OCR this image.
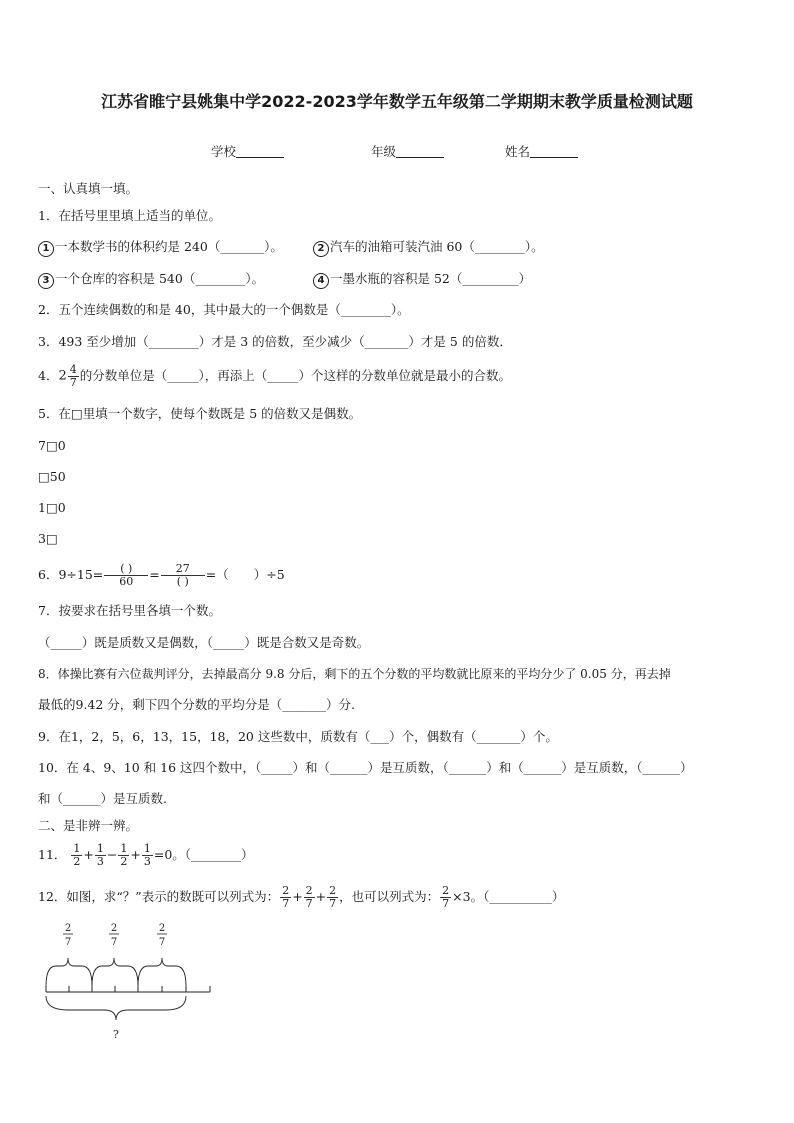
江苏省睢宁县姚集中学2022-2023学年数学五年级第二学期期末教学质量检测试题
学校	年级	姓名
一、认真填一填。
1．在括号里里填上适当的单位。
1 一本数学书的体积约是 240（_______）。	2 汽车的油箱可装汽油 60（________）。
3 一个仓库的容积是 540（________）。	4 一墨水瓶的容积是 52（_________）
2．五个连续偶数的和是 40，其中最大的一个偶数是（________）。
3．493 至少增加（________）才是 3 的倍数，至少减少（_______）才是 5 的倍数．
4．$2 \frac{4}{7}$ 的分数单位是（_____），再添上（_____）个这样的分数单位就是最小的合数。
5．在□里填一个数字，使每个数既是 5 的倍数又是偶数。
7□0
□50
1□0
3□
6．$9\div 15= \frac{( )}{60} = \frac{27}{( )}$ =（　　）÷5
7．按要求在括号里各填一个数。
（_____）既是质数又是偶数，（_____）既是合数又是奇数。
8．体操比赛有六位裁判评分，去掉最高分 9.8 分后，剩下的五个分数的平均数就比原来的平均分少了 0.05 分，再去掉
最低的9.42 分，剩下四个分数的平均分是（_______）分.
9．在1，2，5，6，13，15，18，20 这些数中，质数有（___）个，偶数有（_______）个。
10．在 4、9、10 和 16 这四个数中，（_____）和（______）是互质数，（______）和（______）是互质数，（______）
和（______）是互质数.
二、是非辨一辨。
11． $\frac{1}{2} + \frac{1}{3} - \frac{1}{2} + \frac{1}{3} =0$。（________）
12．如图，求“？”表示的数既可以列式为： $\frac{2}{7} + \frac{2}{7} + \frac{2}{7}$ ，也可以列式为： $\frac{2}{7} \times 3$。（__________）
2
7
2
7
2
7
?
